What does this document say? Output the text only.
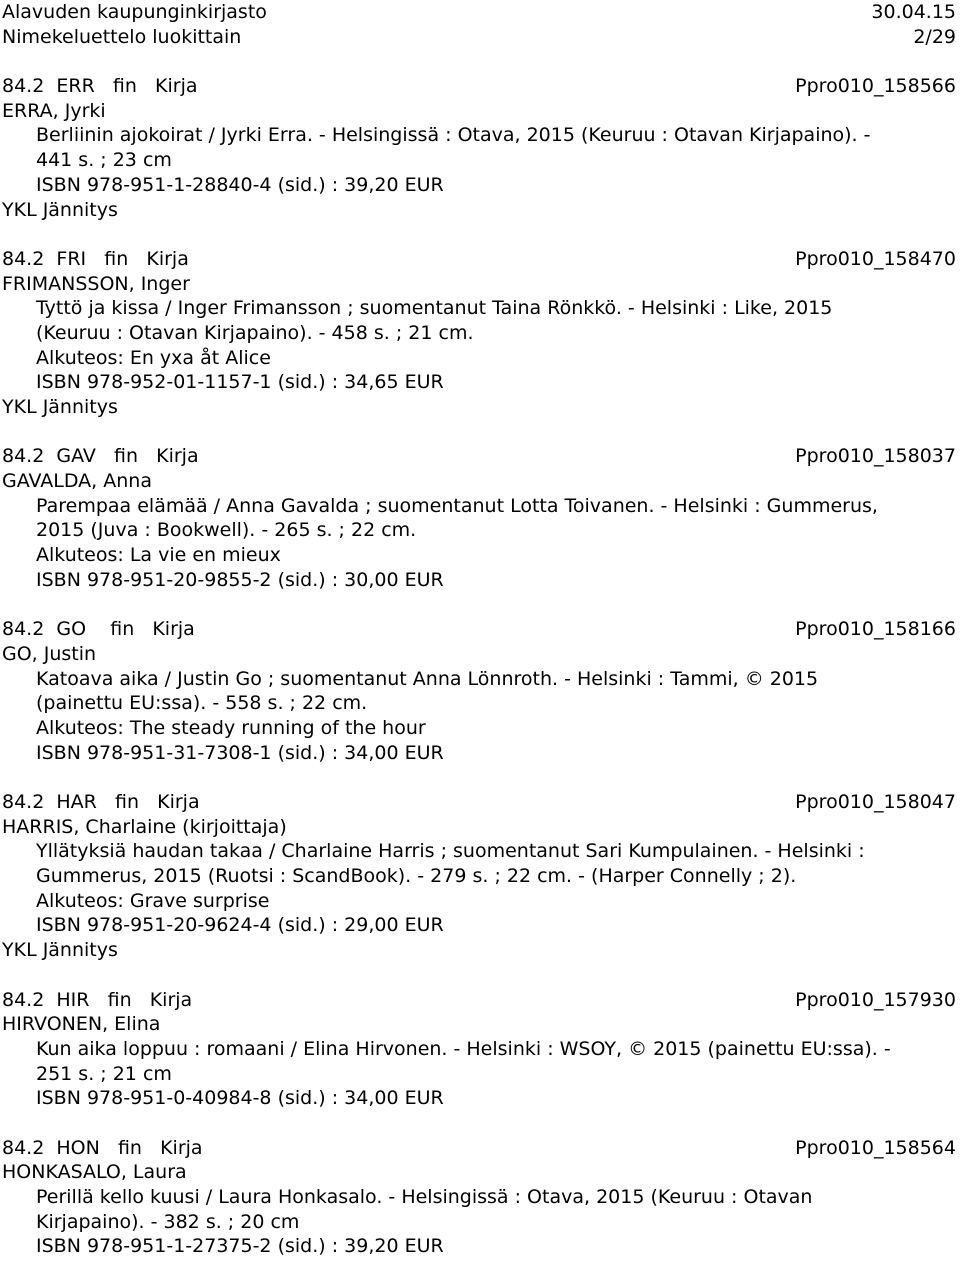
Alavuden kaupunginkirjasto	30.04.15
Nimekeluettelo luokittain	2/29
84.2  ERR   fin   Kirja	Ppro010_158566
ERRA, Jyrki
Berliinin ajokoirat / Jyrki Erra. - Helsingissä : Otava, 2015 (Keuruu : Otavan Kirjapaino). -
441 s. ; 23 cm
ISBN 978-951-1-28840-4 (sid.) : 39,20 EUR
YKL Jännitys
84.2  FRI   fin   Kirja	Ppro010_158470
FRIMANSSON, Inger
Tyttö ja kissa / Inger Frimansson ; suomentanut Taina Rönkkö. - Helsinki : Like, 2015
(Keuruu : Otavan Kirjapaino). - 458 s. ; 21 cm.
Alkuteos: En yxa åt Alice
ISBN 978-952-01-1157-1 (sid.) : 34,65 EUR
YKL Jännitys
84.2  GAV   fin   Kirja	Ppro010_158037
GAVALDA, Anna
Parempaa elämää / Anna Gavalda ; suomentanut Lotta Toivanen. - Helsinki : Gummerus,
2015 (Juva : Bookwell). - 265 s. ; 22 cm.
Alkuteos: La vie en mieux
ISBN 978-951-20-9855-2 (sid.) : 30,00 EUR
84.2  GO    fin   Kirja	Ppro010_158166
GO, Justin
Katoava aika / Justin Go ; suomentanut Anna Lönnroth. - Helsinki : Tammi, © 2015
(painettu EU:ssa). - 558 s. ; 22 cm.
Alkuteos: The steady running of the hour
ISBN 978-951-31-7308-1 (sid.) : 34,00 EUR
84.2  HAR   fin   Kirja	Ppro010_158047
HARRIS, Charlaine (kirjoittaja)
Yllätyksiä haudan takaa / Charlaine Harris ; suomentanut Sari Kumpulainen. - Helsinki :
Gummerus, 2015 (Ruotsi : ScandBook). - 279 s. ; 22 cm. - (Harper Connelly ; 2).
Alkuteos: Grave surprise
ISBN 978-951-20-9624-4 (sid.) : 29,00 EUR
YKL Jännitys
84.2  HIR   fin   Kirja	Ppro010_157930
HIRVONEN, Elina
Kun aika loppuu : romaani / Elina Hirvonen. - Helsinki : WSOY, © 2015 (painettu EU:ssa). -
251 s. ; 21 cm
ISBN 978-951-0-40984-8 (sid.) : 34,00 EUR
84.2  HON   fin   Kirja	Ppro010_158564
HONKASALO, Laura
Perillä kello kuusi / Laura Honkasalo. - Helsingissä : Otava, 2015 (Keuruu : Otavan
Kirjapaino). - 382 s. ; 20 cm
ISBN 978-951-1-27375-2 (sid.) : 39,20 EUR
